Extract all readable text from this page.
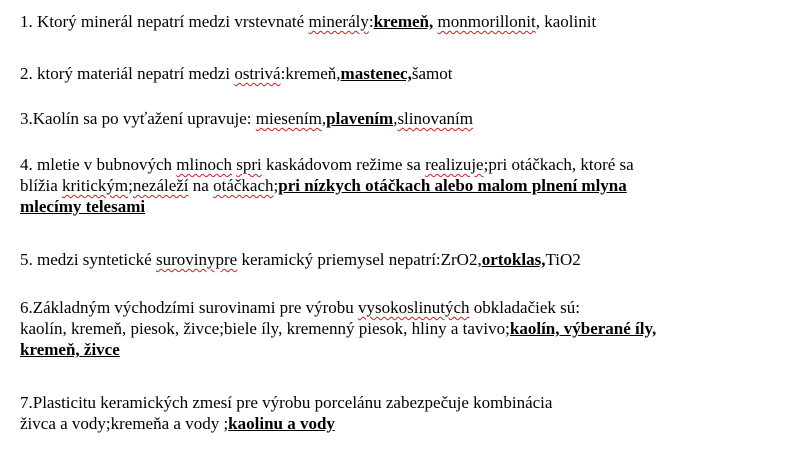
1. Ktorý minerál nepatrí medzi vrstevnaté minerály:kremeň, monmorillonit, kaolinit

2. ktorý materiál nepatrí medzi ostrivá:kremeň,mastenec,šamot

3.Kaolín sa po vyťažení upravuje: miesením,plavením,slinovaním

4. mletie v bubnových mlinoch spri kaskádovom režime sa realizuje;pri otáčkach, ktoré sa

blížia kritickým;nezáleží na otáčkach;pri nízkych otáčkach alebo malom plnení mlyna

mlecímy telesami

5. medzi syntetické surovinypre keramický priemysel nepatrí:ZrO2,ortoklas,TiO2

6.Základným východzími surovinami pre výrobu vysokoslinutých obkladačiek sú:

kaolín, kremeň, piesok, živce;biele íly, kremenný piesok, hliny a tavivo;kaolín, výberané íly,

kremeň, živce

7.Plasticitu keramických zmesí pre výrobu porcelánu zabezpečuje kombinácia

živca a vody;kremeňa a vody ;kaolinu a vody
